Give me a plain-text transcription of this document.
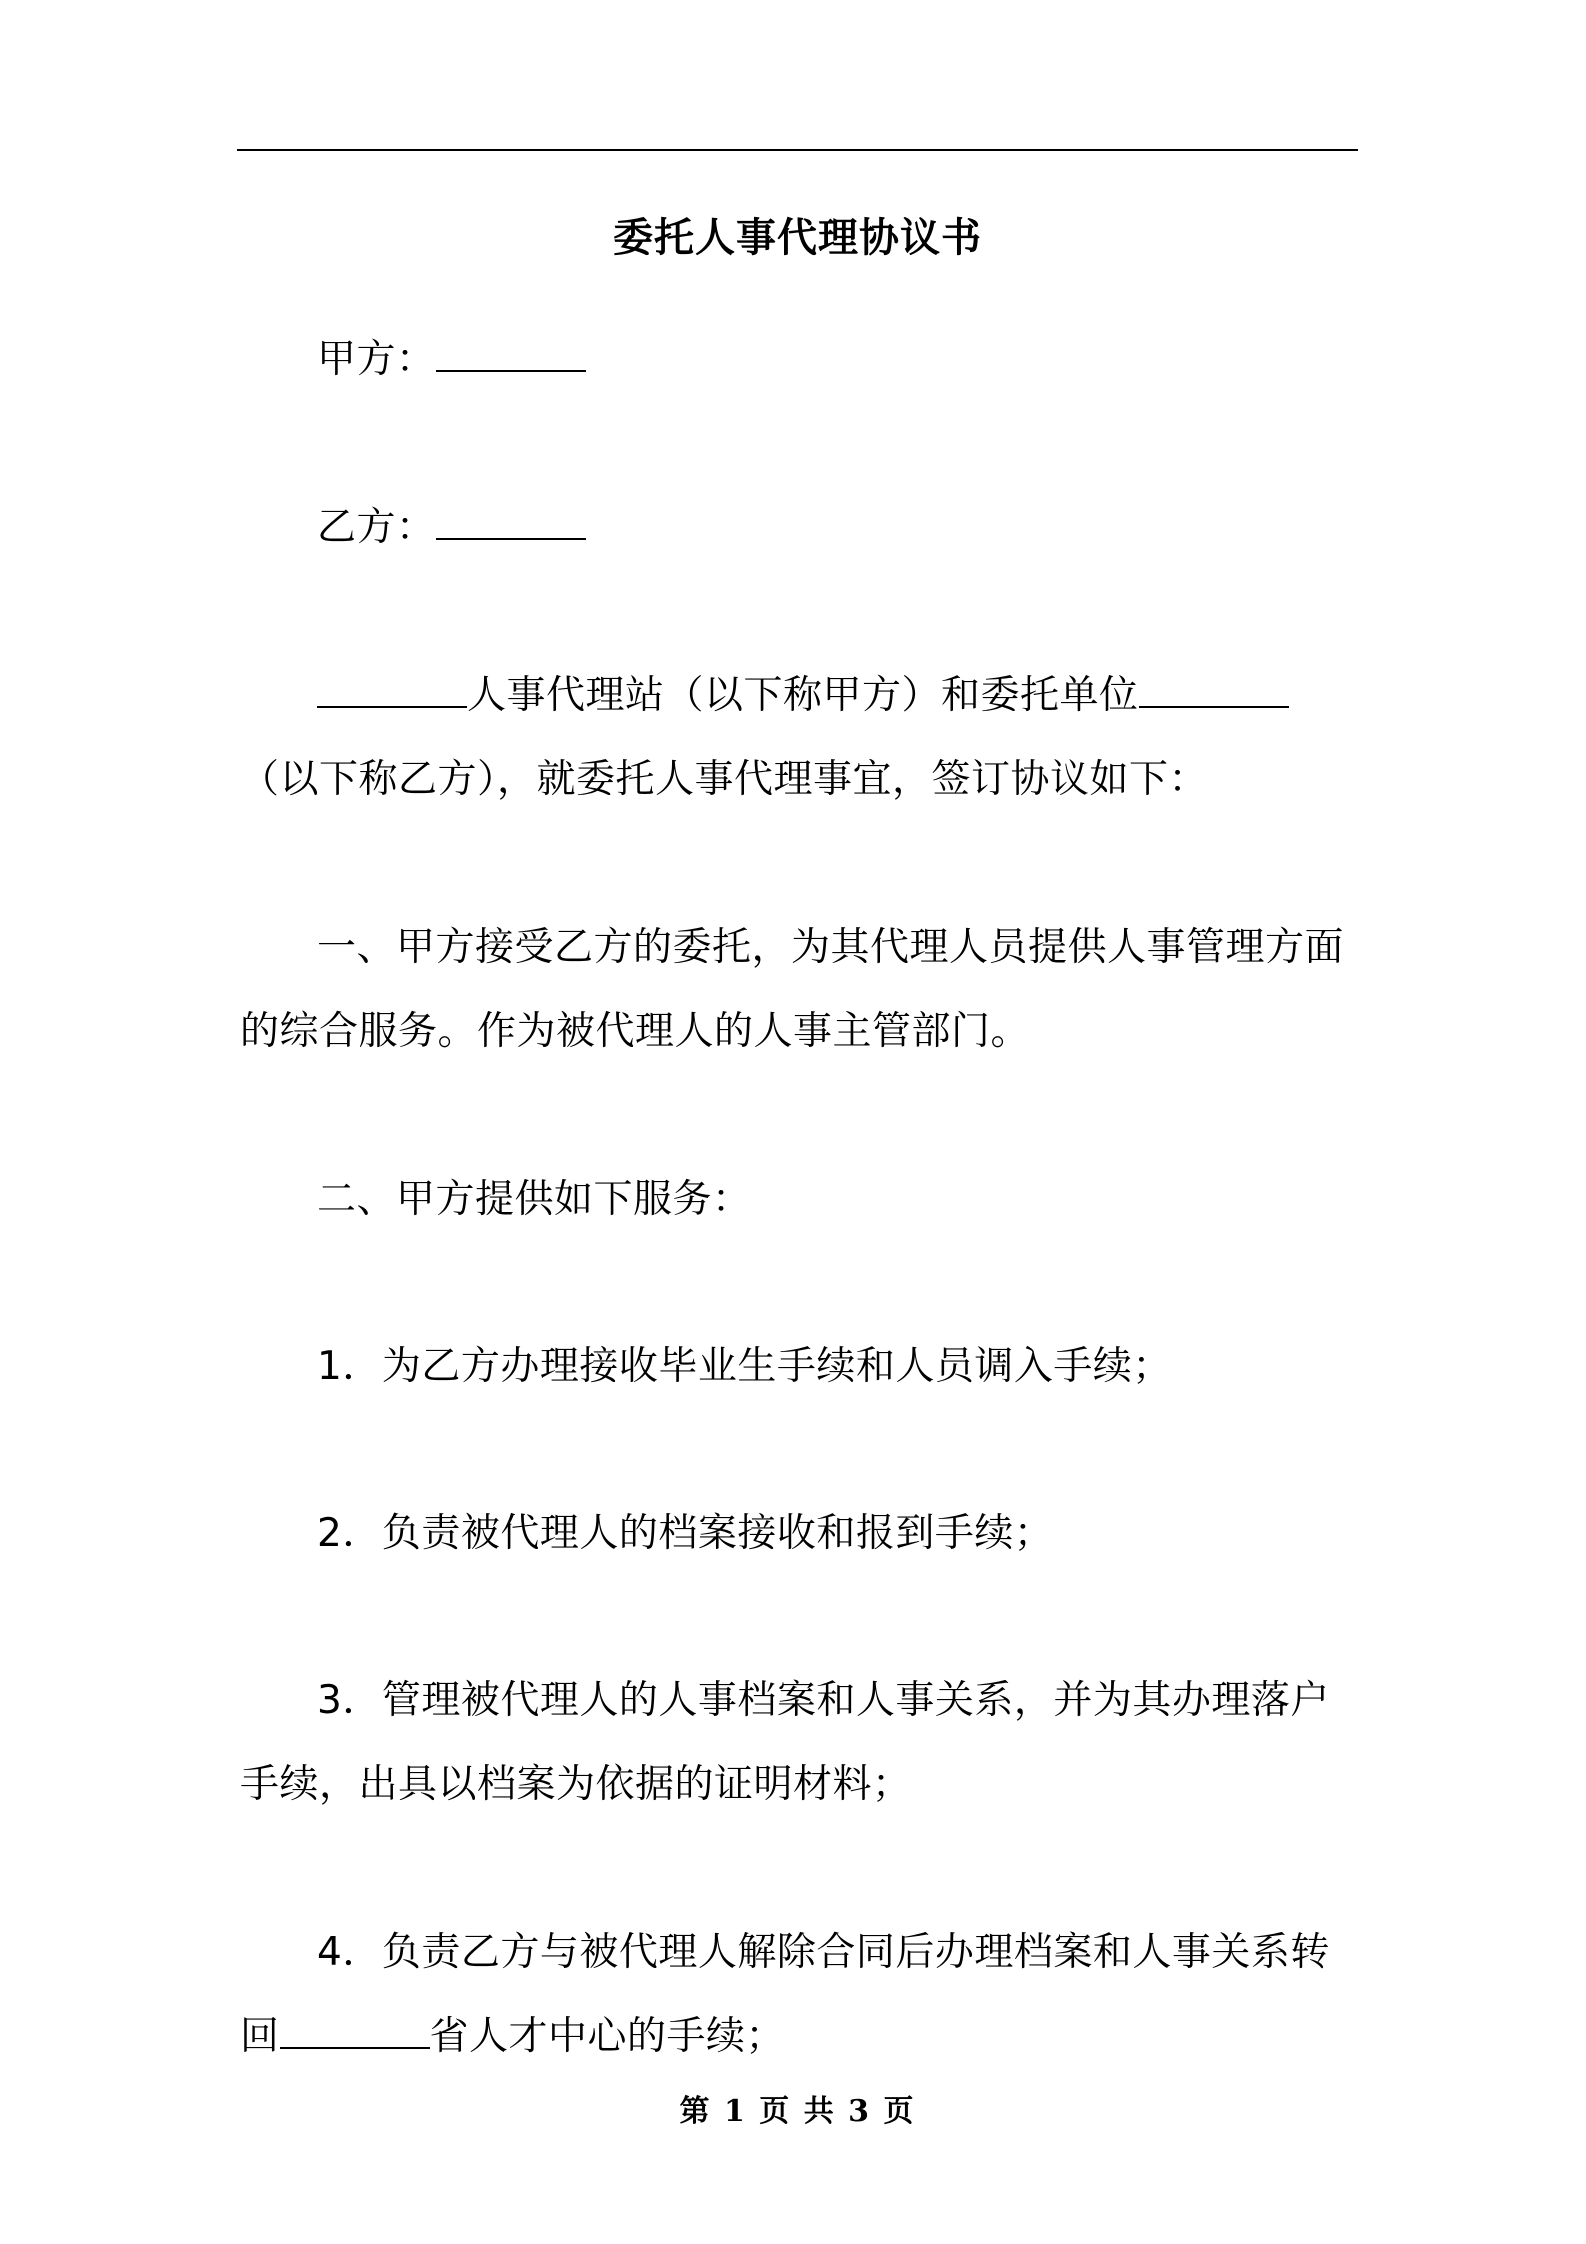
委托人事代理协议书

甲方：

乙方：

人事代理站（以下称甲方）和委托单位（以下称乙方），就委托人事代理事宜，签订协议如下：

一、甲方接受乙方的委托，为其代理人员提供人事管理方面的综合服务。作为被代理人的人事主管部门。

二、甲方提供如下服务：

1．为乙方办理接收毕业生手续和人员调入手续；

2．负责被代理人的档案接收和报到手续；

3．管理被代理人的人事档案和人事关系，并为其办理落户手续，出具以档案为依据的证明材料；

4．负责乙方与被代理人解除合同后办理档案和人事关系转回	省人才中心的手续；

第 1 页 共 3 页
